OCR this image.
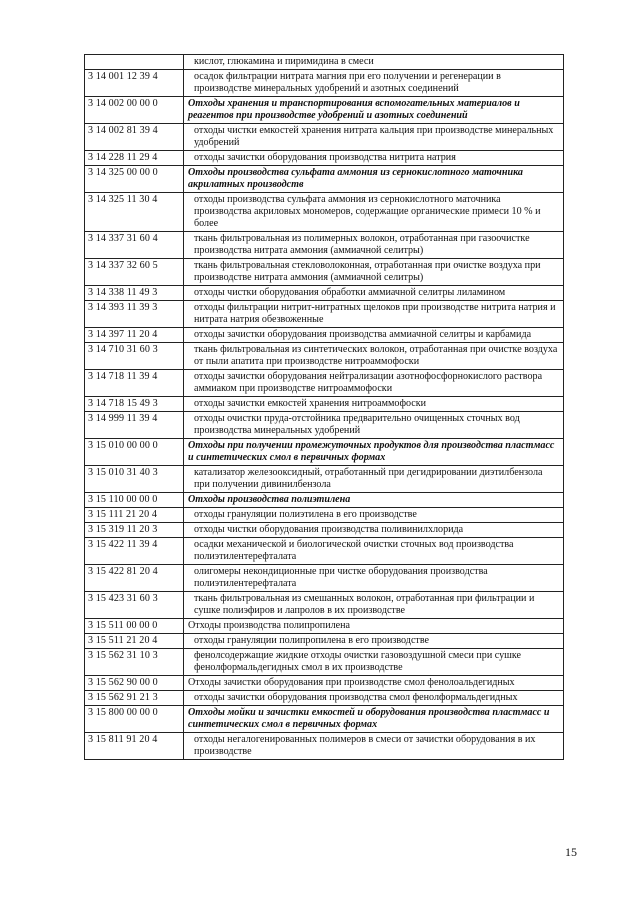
	кислот, глюкамина и пиримидина в смеси
3 14 001 12 39 4	осадок фильтрации нитрата магния при его получении и регенерации в производстве минеральных удобрений и азотных соединений
3 14 002 00 00 0	Отходы хранения и транспортирования вспомогательных материалов и реагентов при производстве удобрений и азотных соединений
3 14 002 81 39 4	отходы чистки емкостей хранения нитрата кальция при производстве минеральных удобрений
3 14 228 11 29 4	отходы зачистки оборудования производства нитрита натрия
3 14 325 00 00 0	Отходы производства сульфата аммония из сернокислотного маточника акрилатных производств
3 14 325 11 30 4	отходы производства сульфата аммония из сернокислотного маточника производства акриловых мономеров, содержащие органические примеси 10 % и более
3 14 337 31 60 4	ткань фильтровальная из полимерных волокон, отработанная при газоочистке производства нитрата аммония (аммиачной селитры)
3 14 337 32 60 5	ткань фильтровальная стекловолоконная, отработанная при очистке воздуха при производстве нитрата аммония (аммиачной селитры)
3 14 338 11 49 3	отходы чистки оборудования обработки аммиачной селитры лиламином
3 14 393 11 39 3	отходы фильтрации нитрит-нитратных щелоков при производстве нитрита натрия и нитрата натрия обезвоженные
3 14 397 11 20 4	отходы зачистки оборудования производства аммиачной селитры и карбамида
3 14 710 31 60 3	ткань фильтровальная из синтетических волокон, отработанная при очистке воздуха от пыли апатита при производстве нитроаммофоски
3 14 718 11 39 4	отходы зачистки оборудования нейтрализации азотнофосфорнокислого раствора аммиаком при производстве нитроаммофоски
3 14 718 15 49 3	отходы зачистки емкостей хранения нитроаммофоски
3 14 999 11 39 4	отходы очистки пруда-отстойника предварительно очищенных сточных вод производства минеральных удобрений
3 15 010 00 00 0	Отходы при получении промежуточных продуктов для производства пластмасс и синтетических смол в первичных формах
3 15 010 31 40 3	катализатор железооксидный, отработанный при дегидрировании диэтилбензола при получении дивинилбензола
3 15 110 00 00 0	Отходы производства полиэтилена
3 15 111 21 20 4	отходы грануляции полиэтилена в его производстве
3 15 319 11 20 3	отходы чистки оборудования производства поливинилхлорида
3 15 422 11 39 4	осадки механической и биологической очистки сточных вод производства полиэтилентерефталата
3 15 422 81 20 4	олигомеры некондиционные при чистке оборудования производства полиэтилентерефталата
3 15 423 31 60 3	ткань фильтровальная из смешанных волокон, отработанная при фильтрации и сушке полиэфиров и лапролов в их производстве
3 15 511 00 00 0	Отходы производства полипропилена
3 15 511 21 20 4	отходы грануляции полипропилена в его производстве
3 15 562 31 10 3	фенолсодержащие жидкие отходы очистки газовоздушной смеси при сушке фенолформальдегидных смол в их производстве
3 15 562 90 00 0	Отходы зачистки оборудования при производстве смол фенолоальдегидных
3 15 562 91 21 3	отходы зачистки оборудования производства смол фенолформальдегидных
3 15 800 00 00 0	Отходы мойки и зачистки емкостей и оборудования производства пластмасс и синтетических смол в первичных формах
3 15 811 91 20 4	отходы негалогенированных полимеров в смеси от зачистки оборудования в их производстве
15
